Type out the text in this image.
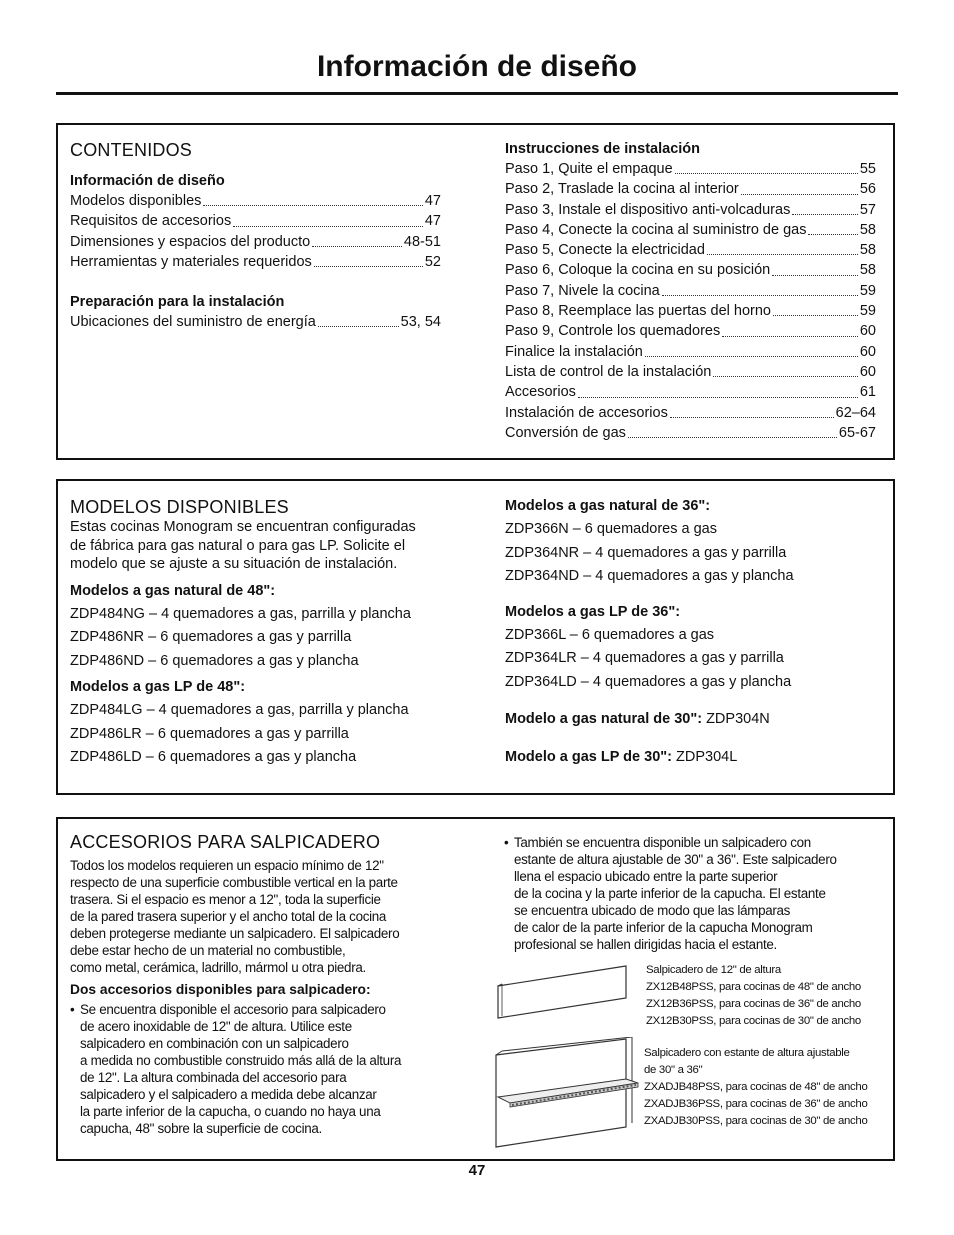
Información de diseño
CONTENIDOS

Información de diseño

Modelos disponibles	47
Requisitos de accesorios	47
Dimensiones y espacios del producto	48-51
Herramientas y materiales requeridos	52

Preparación para la instalación

Ubicaciones del suministro de energía	53, 54

Instrucciones de instalación

Paso 1, Quite el empaque	55
Paso 2, Traslade la cocina al interior	56
Paso 3, Instale el dispositivo anti-volcaduras	57
Paso 4, Conecte la cocina al suministro de gas	58
Paso 5, Conecte la electricidad	58
Paso 6, Coloque la cocina en su posición	58
Paso 7, Nivele la cocina	59
Paso 8, Reemplace las puertas del horno	59
Paso 9, Controle los quemadores	60
Finalice la instalación	60
Lista de control de la instalación	60
Accesorios	61
Instalación de accesorios	62–64
Conversión de gas	65-67
MODELOS DISPONIBLES

Estas cocinas Monogram se encuentran configuradas de fábrica para gas natural o para gas LP. Solicite el modelo que se ajuste a su situación de instalación.

Modelos a gas natural de 48":

ZDP484NG – 4 quemadores a gas, parrilla y plancha

ZDP486NR – 6 quemadores a gas y parrilla

ZDP486ND – 6 quemadores a gas y plancha

Modelos a gas LP de 48":

ZDP484LG – 4 quemadores a gas, parrilla y plancha

ZDP486LR – 6 quemadores a gas y parrilla

ZDP486LD – 6 quemadores a gas y plancha

Modelos a gas natural de 36":

ZDP366N – 6 quemadores a gas

ZDP364NR – 4 quemadores a gas y parrilla

ZDP364ND – 4 quemadores a gas y plancha

Modelos a gas LP de 36":

ZDP366L – 6 quemadores a gas

ZDP364LR – 4 quemadores a gas y parrilla

ZDP364LD – 4 quemadores a gas y plancha

Modelo a gas natural de 30": ZDP304N

Modelo a gas LP de 30": ZDP304L

ACCESORIOS PARA SALPICADERO

Todos los modelos requieren un espacio mínimo de 12"

respecto de una superficie combustible vertical en la parte

trasera. Si el espacio es menor a 12", toda la superficie

de la pared trasera superior y el ancho total de la cocina

deben protegerse mediante un salpicadero. El salpicadero

debe estar hecho de un material no combustible,

como metal, cerámica, ladrillo, mármol u otra piedra.

Dos accesorios disponibles para salpicadero:

• Se encuentra disponible el accesorio para salpicadero

de acero inoxidable de 12" de altura. Utilice este

salpicadero en combinación con un salpicadero

a medida no combustible construido más allá de la altura

de 12". La altura combinada del accesorio para

salpicadero y el salpicadero a medida debe alcanzar

la parte inferior de la capucha, o cuando no haya una

capucha, 48" sobre la superficie de cocina.

• También se encuentra disponible un salpicadero con

estante de altura ajustable de 30" a 36". Este salpicadero

llena el espacio ubicado entre la parte superior

de la cocina y la parte inferior de la capucha. El estante

se encuentra ubicado de modo que las lámparas

de calor de la parte inferior de la capucha Monogram

profesional se hallen dirigidas hacia el estante.

Salpicadero de 12" de altura

ZX12B48PSS, para cocinas de 48" de ancho

ZX12B36PSS, para cocinas de 36" de ancho

ZX12B30PSS, para cocinas de 30" de ancho

Salpicadero con estante de altura ajustable

de 30" a 36"

ZXADJB48PSS, para cocinas de 48" de ancho

ZXADJB36PSS, para cocinas de 36" de ancho

ZXADJB30PSS, para cocinas de 30" de ancho

47
